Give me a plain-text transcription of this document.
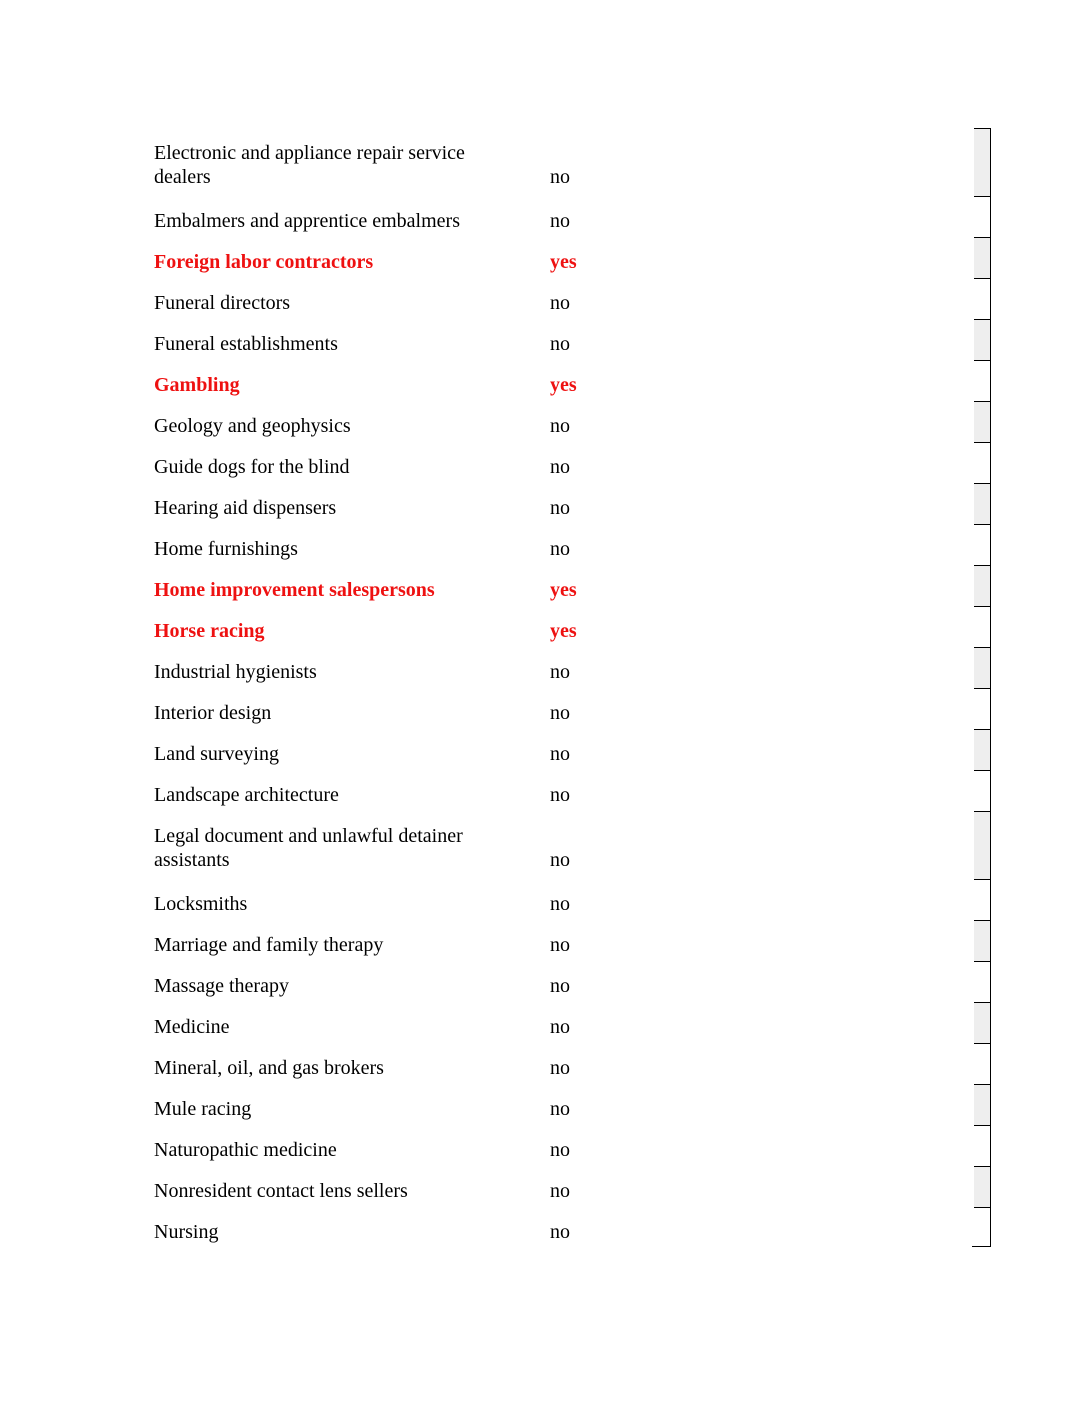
Electronic and appliance repair service
dealers	no
Embalmers and apprentice embalmers	no
Foreign labor contractors	yes
Funeral directors	no
Funeral establishments	no
Gambling	yes
Geology and geophysics	no
Guide dogs for the blind	no
Hearing aid dispensers	no
Home furnishings	no
Home improvement salespersons	yes
Horse racing	yes
Industrial hygienists	no
Interior design	no
Land surveying	no
Landscape architecture	no
Legal document and unlawful detainer
assistants	no
Locksmiths	no
Marriage and family therapy	no
Massage therapy	no
Medicine	no
Mineral, oil, and gas brokers	no
Mule racing	no
Naturopathic medicine	no
Nonresident contact lens sellers	no
Nursing	no
